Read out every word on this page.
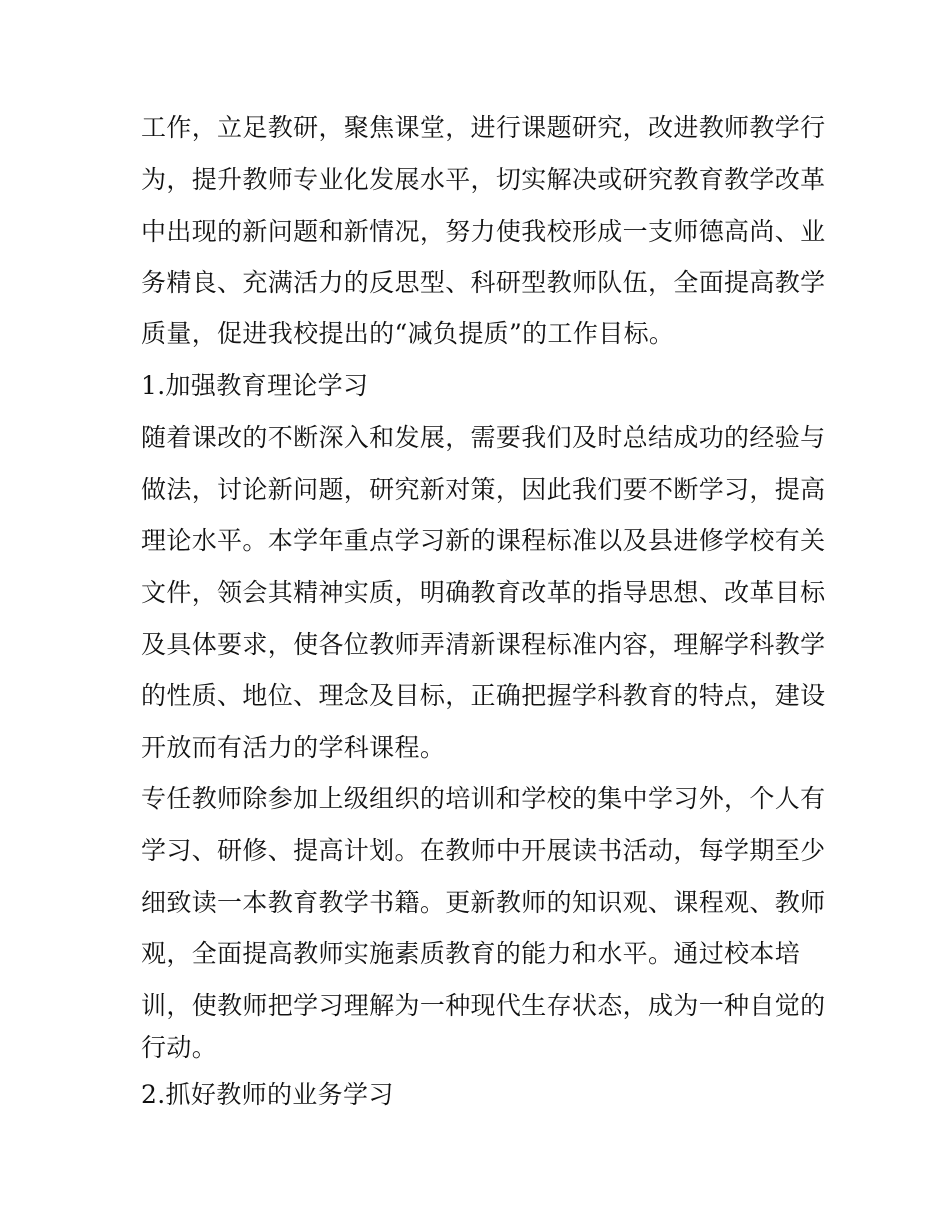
工作，立足教研，聚焦课堂，进行课题研究，改进教师教学行
为，提升教师专业化发展水平，切实解决或研究教育教学改革
中出现的新问题和新情况，努力使我校形成一支师德高尚、业
务精良、充满活力的反思型、科研型教师队伍，全面提高教学
质量，促进我校提出的“减负提质”的工作目标。
1.加强教育理论学习
随着课改的不断深入和发展，需要我们及时总结成功的经验与
做法，讨论新问题，研究新对策，因此我们要不断学习，提高
理论水平。本学年重点学习新的课程标准以及县进修学校有关
文件，领会其精神实质，明确教育改革的指导思想、改革目标
及具体要求，使各位教师弄清新课程标准内容，理解学科教学
的性质、地位、理念及目标，正确把握学科教育的特点，建设
开放而有活力的学科课程。
专任教师除参加上级组织的培训和学校的集中学习外，个人有
学习、研修、提高计划。在教师中开展读书活动，每学期至少
细致读一本教育教学书籍。更新教师的知识观、课程观、教师
观，全面提高教师实施素质教育的能力和水平。通过校本培
训，使教师把学习理解为一种现代生存状态，成为一种自觉的
行动。
2.抓好教师的业务学习
